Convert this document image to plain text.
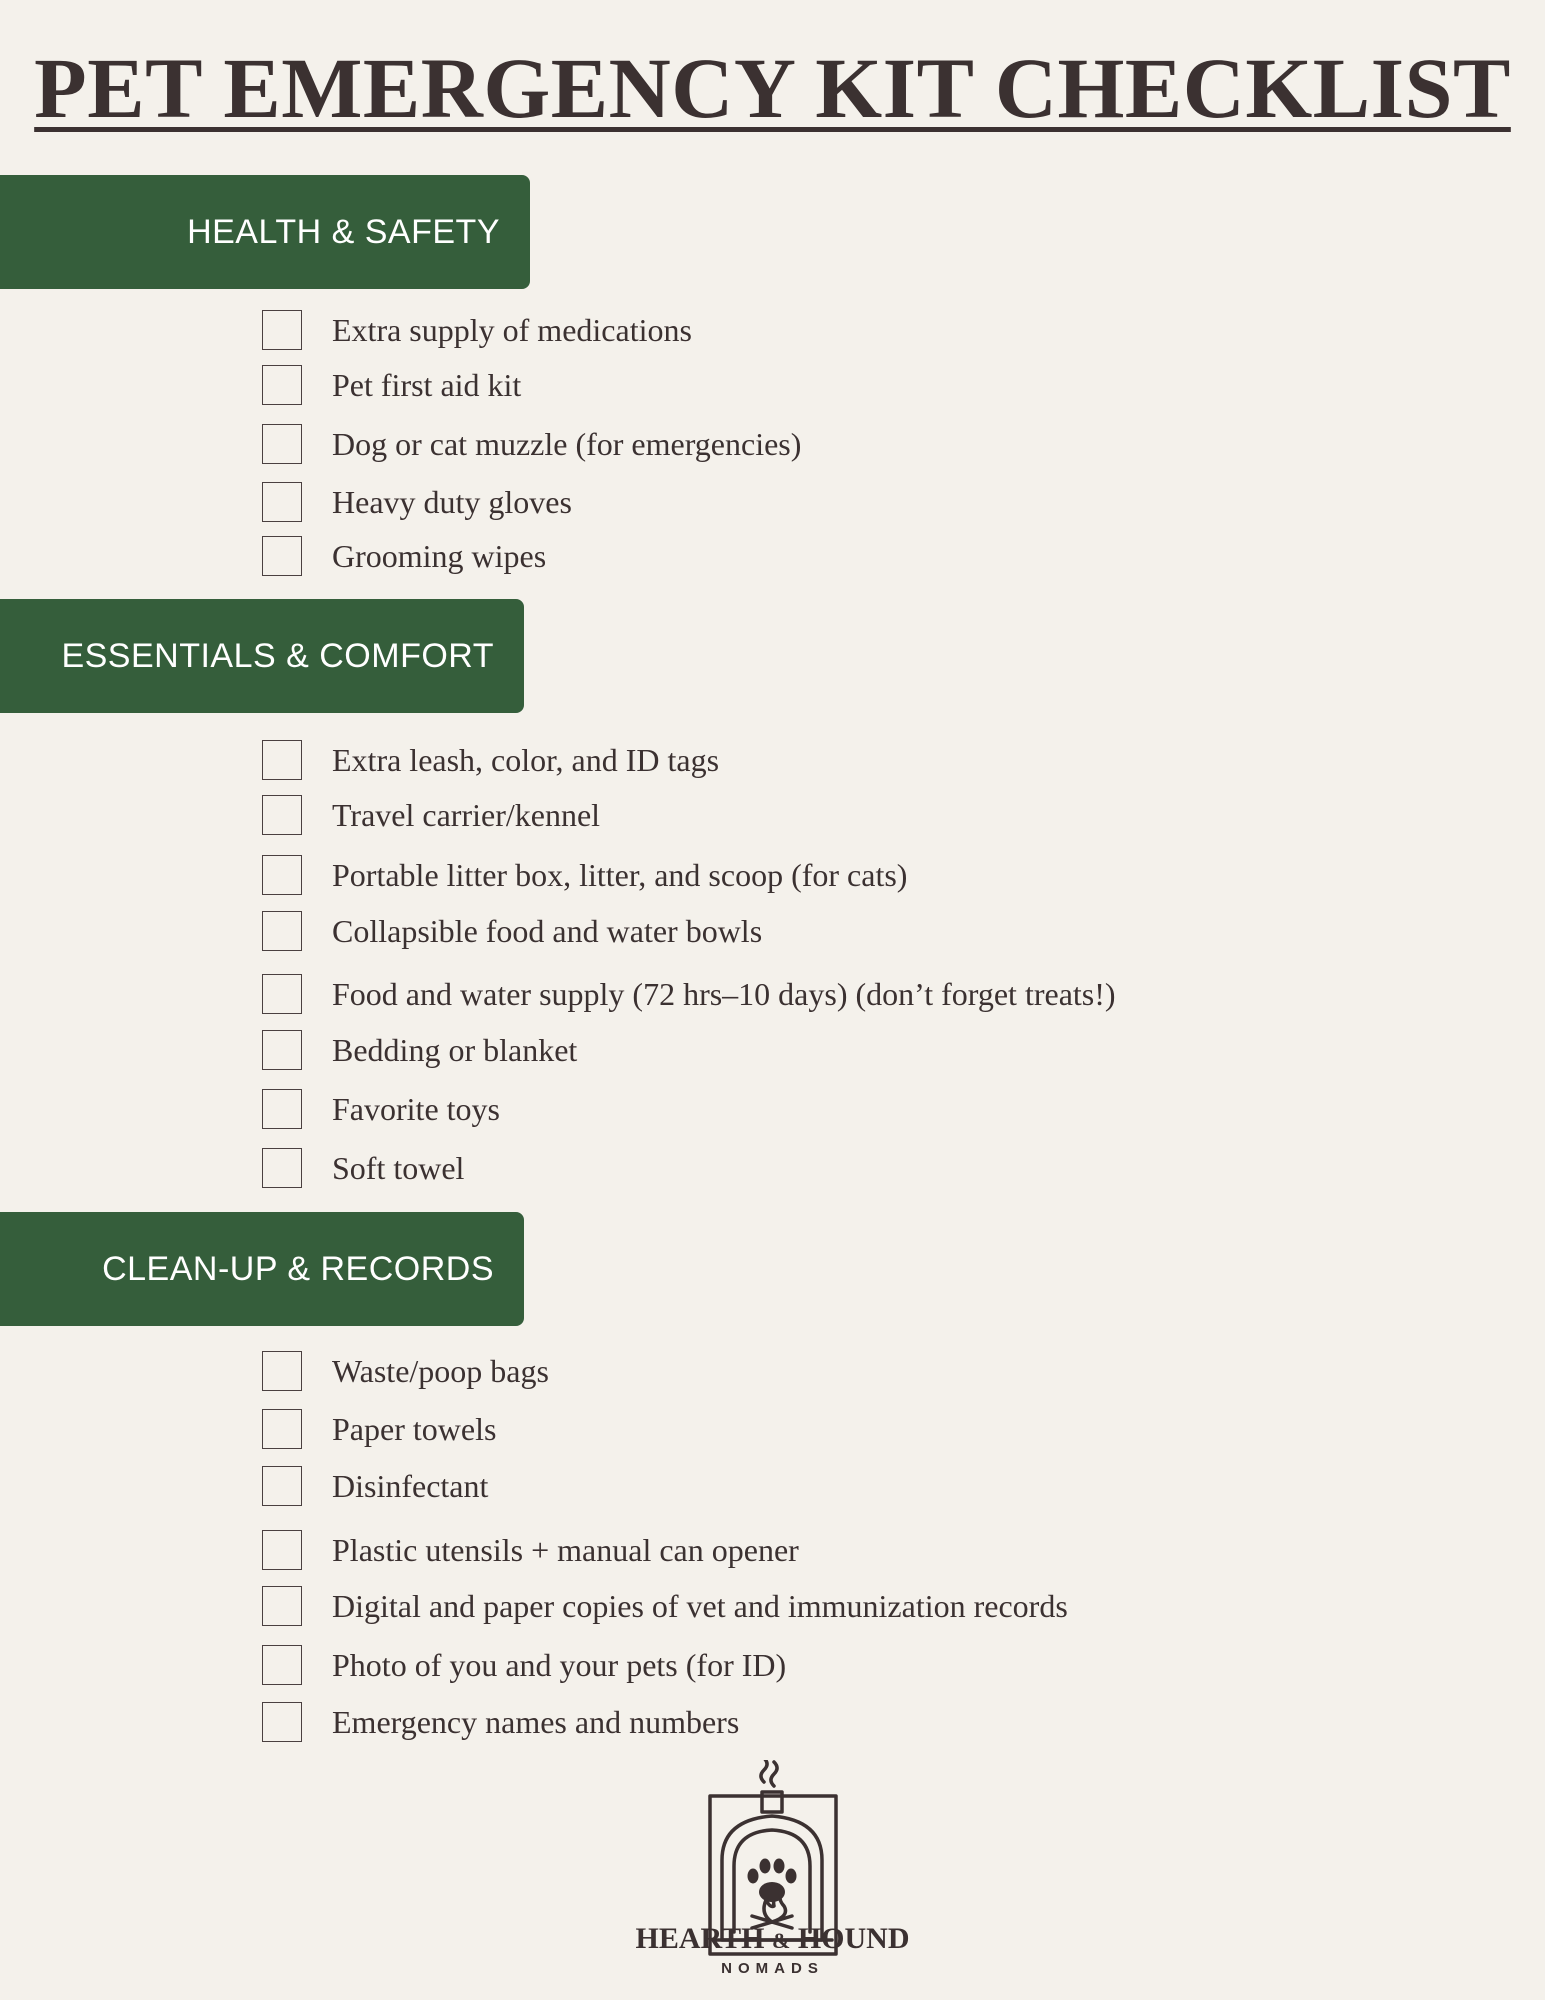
PET EMERGENCY KIT CHECKLIST
HEALTH & SAFETY
Extra supply of medications
Pet first aid kit
Dog or cat muzzle (for emergencies)
Heavy duty gloves
Grooming wipes
ESSENTIALS & COMFORT
Extra leash, color, and ID tags
Travel carrier/kennel
Portable litter box, litter, and scoop (for cats)
Collapsible food and water bowls
Food and water supply (72 hrs–10 days) (don’t forget treats!)
Bedding or blanket
Favorite toys
Soft towel
CLEAN-UP & RECORDS
Waste/poop bags
Paper towels
Disinfectant
Plastic utensils + manual can opener
Digital and paper copies of vet and immunization records
Photo of you and your pets (for ID)
Emergency names and numbers
HEARTH & HOUND
NOMADS
